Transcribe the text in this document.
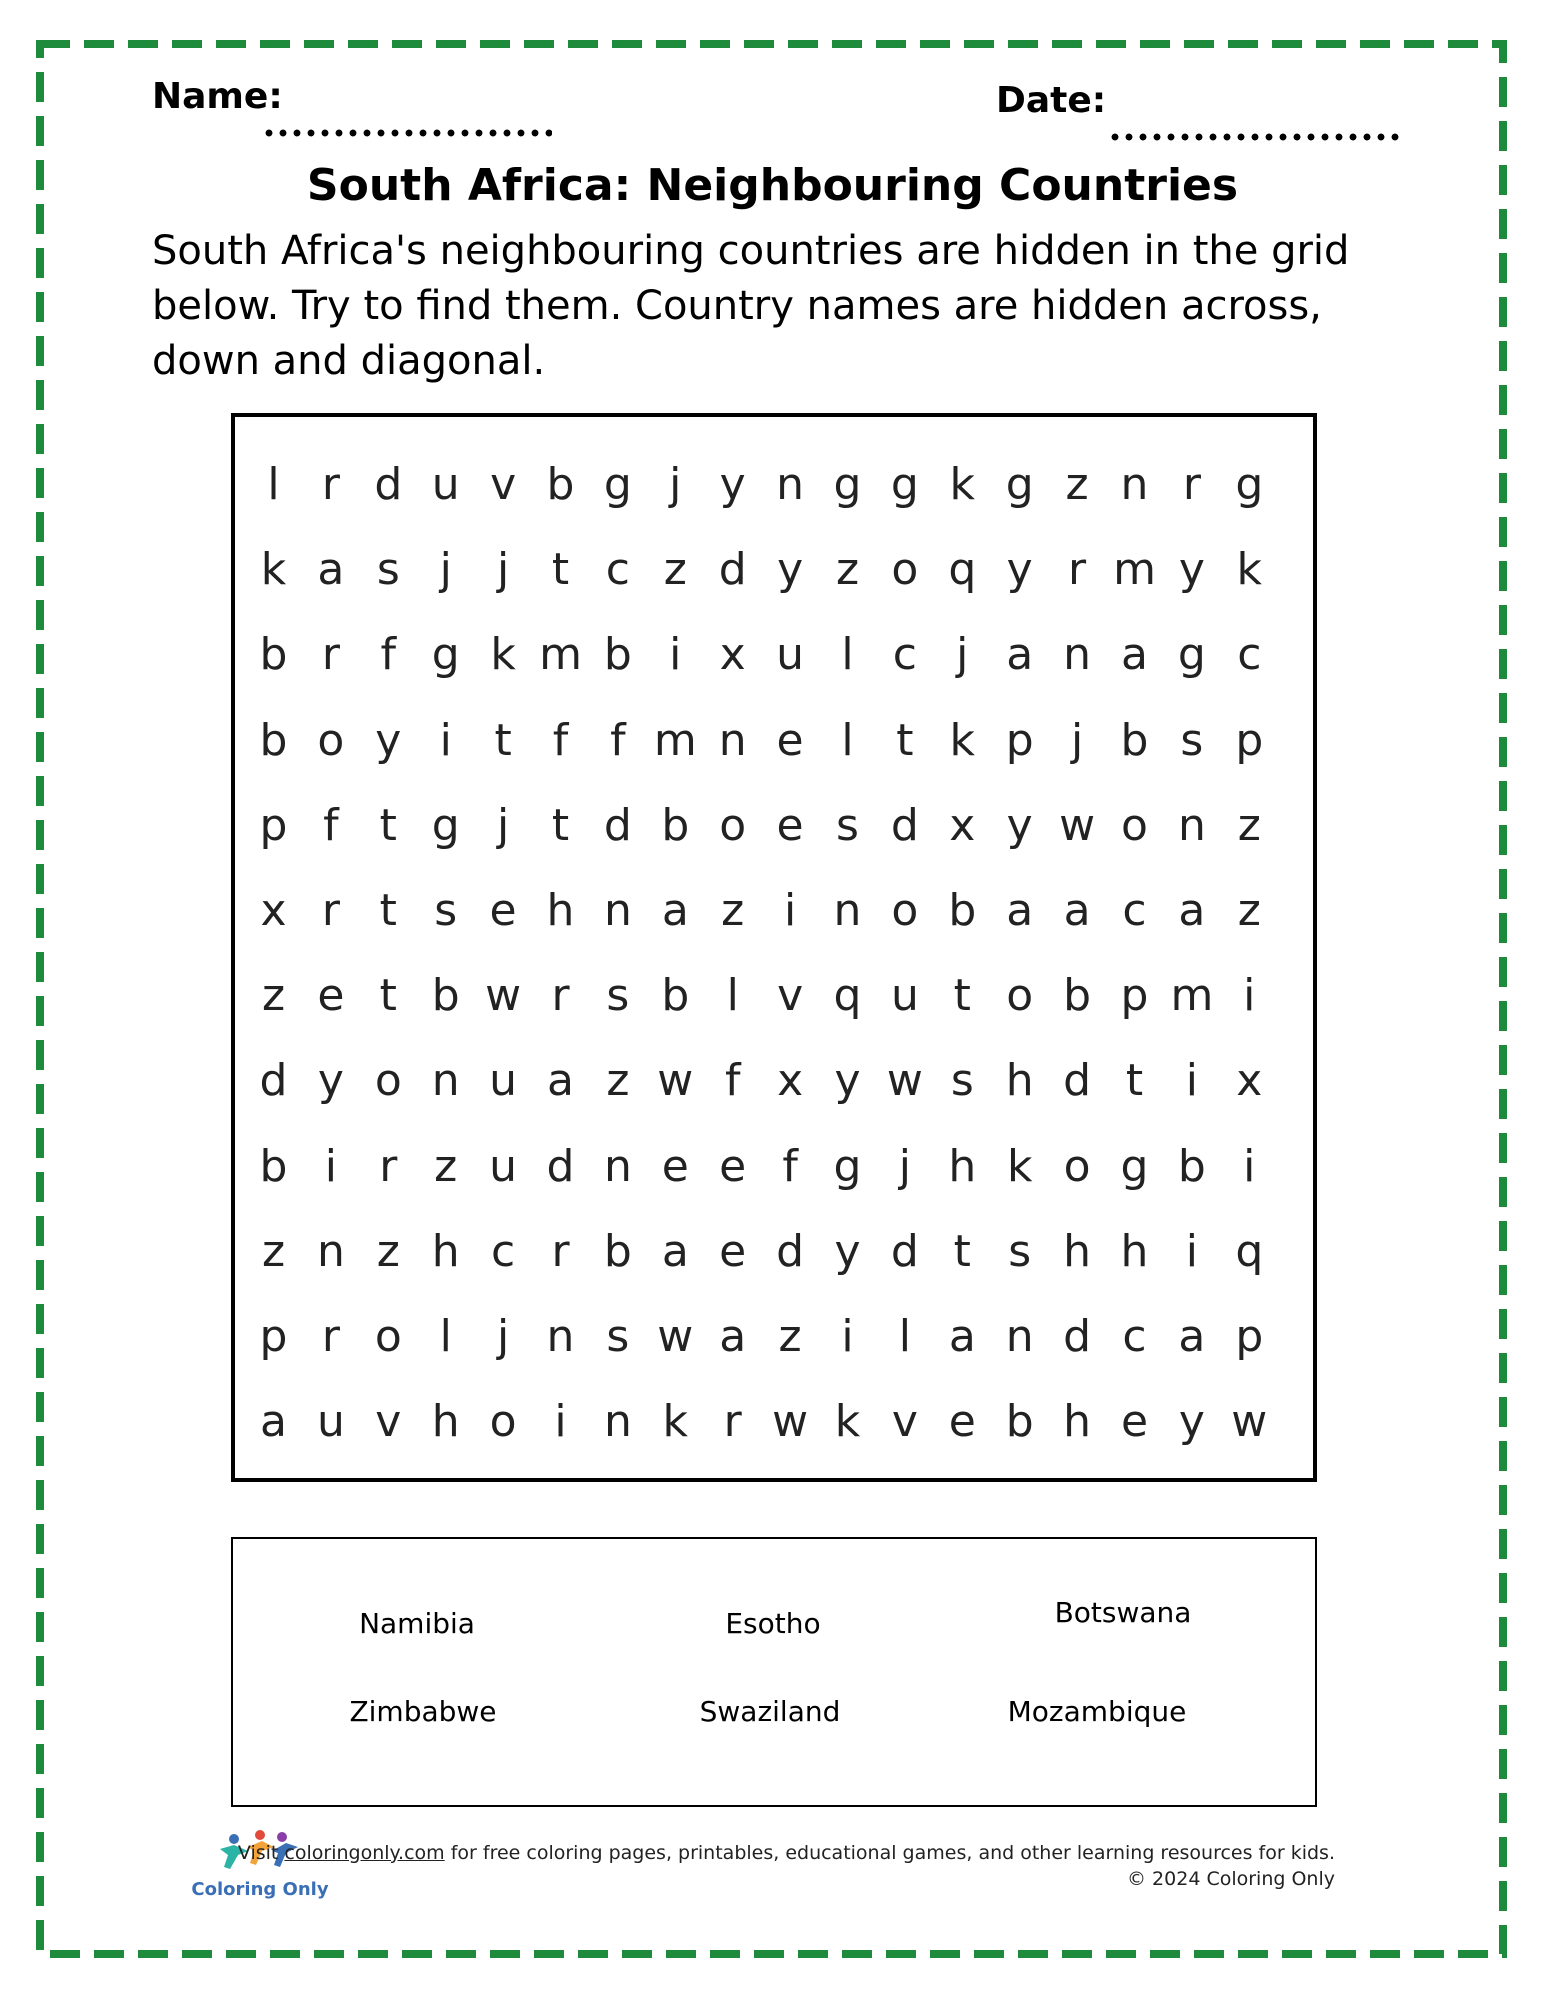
Name:	Date:
South Africa: Neighbouring Countries
South Africa's neighbouring countries are hidden in the grid below. Try to find them. Country names are hidden across, down and diagonal.
l r d u v b g j y n g g k g z n r g
k a s j	j t c z d y z o q y r m y k
b r f g k m b i x u l c j a n a g c
b o y i t f f m n e l t k p j b s p
p f t g j t d b o e s d x y w o n z
x r t s e h n a z i n o b a a c a z
z e t b w r s b l v q u t o b p m i
d y o n u a z w f x y w s h d t i x
b i r z u d n e e f g j h k o g b i
z n z h c r b a e d y d t s h h i q
p r o l	j n s w a z i	l a n d c a p
a u v h o i n k r w k v e b h e y w
Namibia	Esotho	Botswana
Zimbabwe	Swaziland	Mozambique
Coloring Only
Visit coloringonly.com for free coloring pages, printables, educational games, and other learning resources for kids.
© 2024 Coloring Only
